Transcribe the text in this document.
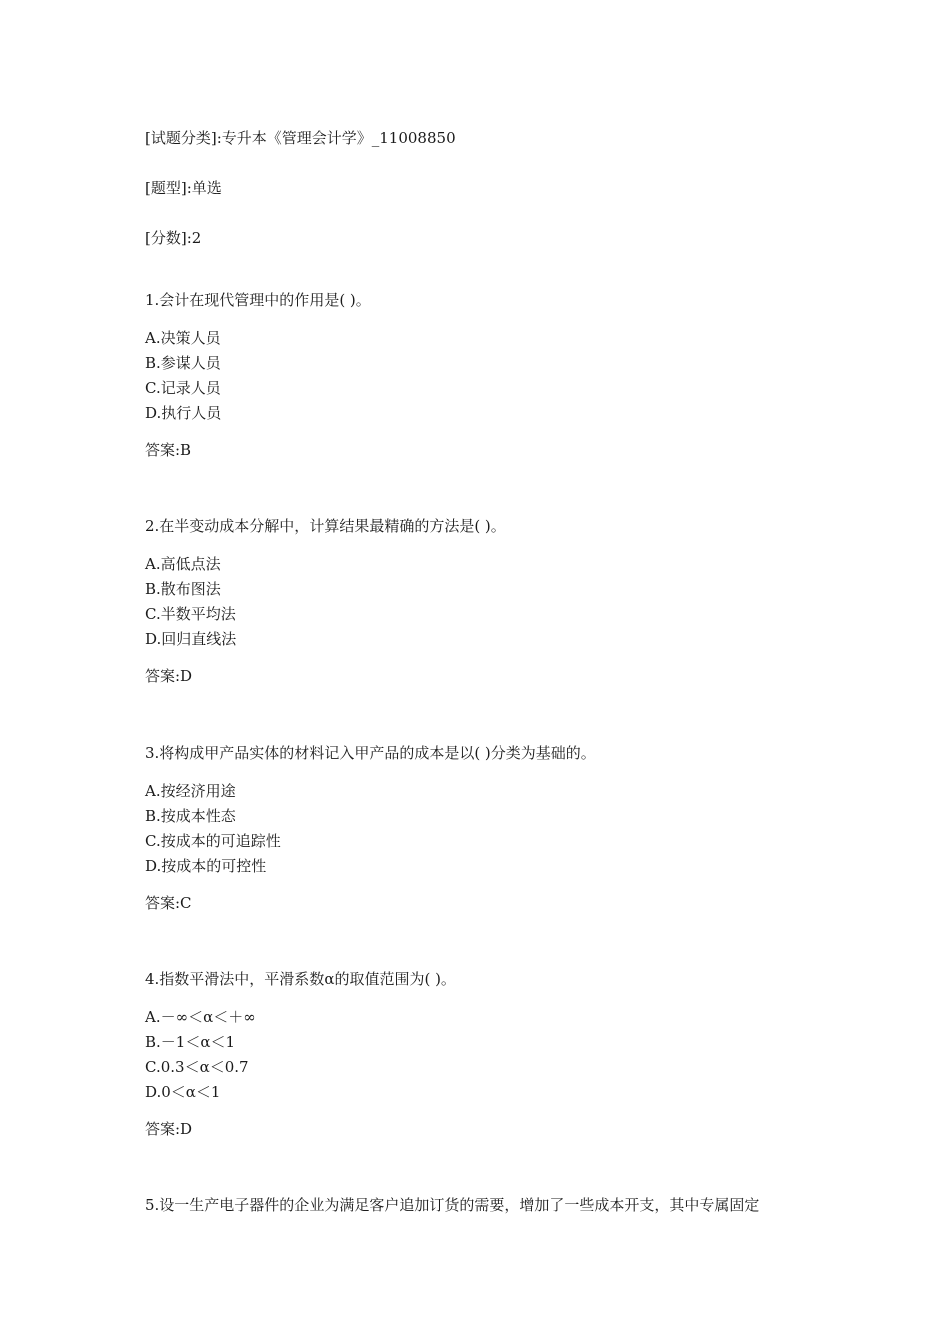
[试题分类]:专升本《管理会计学》_11008850
[题型]:单选
[分数]:2

1.会计在现代管理中的作用是( )。

A.决策人员
B.参谋人员
C.记录人员
D.执行人员
答案:B

2.在半变动成本分解中，计算结果最精确的方法是( )。

A.高低点法
B.散布图法
C.半数平均法
D.回归直线法
答案:D

3.将构成甲产品实体的材料记入甲产品的成本是以( )分类为基础的。

A.按经济用途
B.按成本性态
C.按成本的可追踪性
D.按成本的可控性
答案:C

4.指数平滑法中，平滑系数α的取值范围为( )。

A.－∞＜α＜＋∞
B.－1＜α＜1
C.0.3＜α＜0.7
D.0＜α＜1
答案:D

5.设一生产电子器件的企业为满足客户追加订货的需要，增加了一些成本开支，其中专属固定
